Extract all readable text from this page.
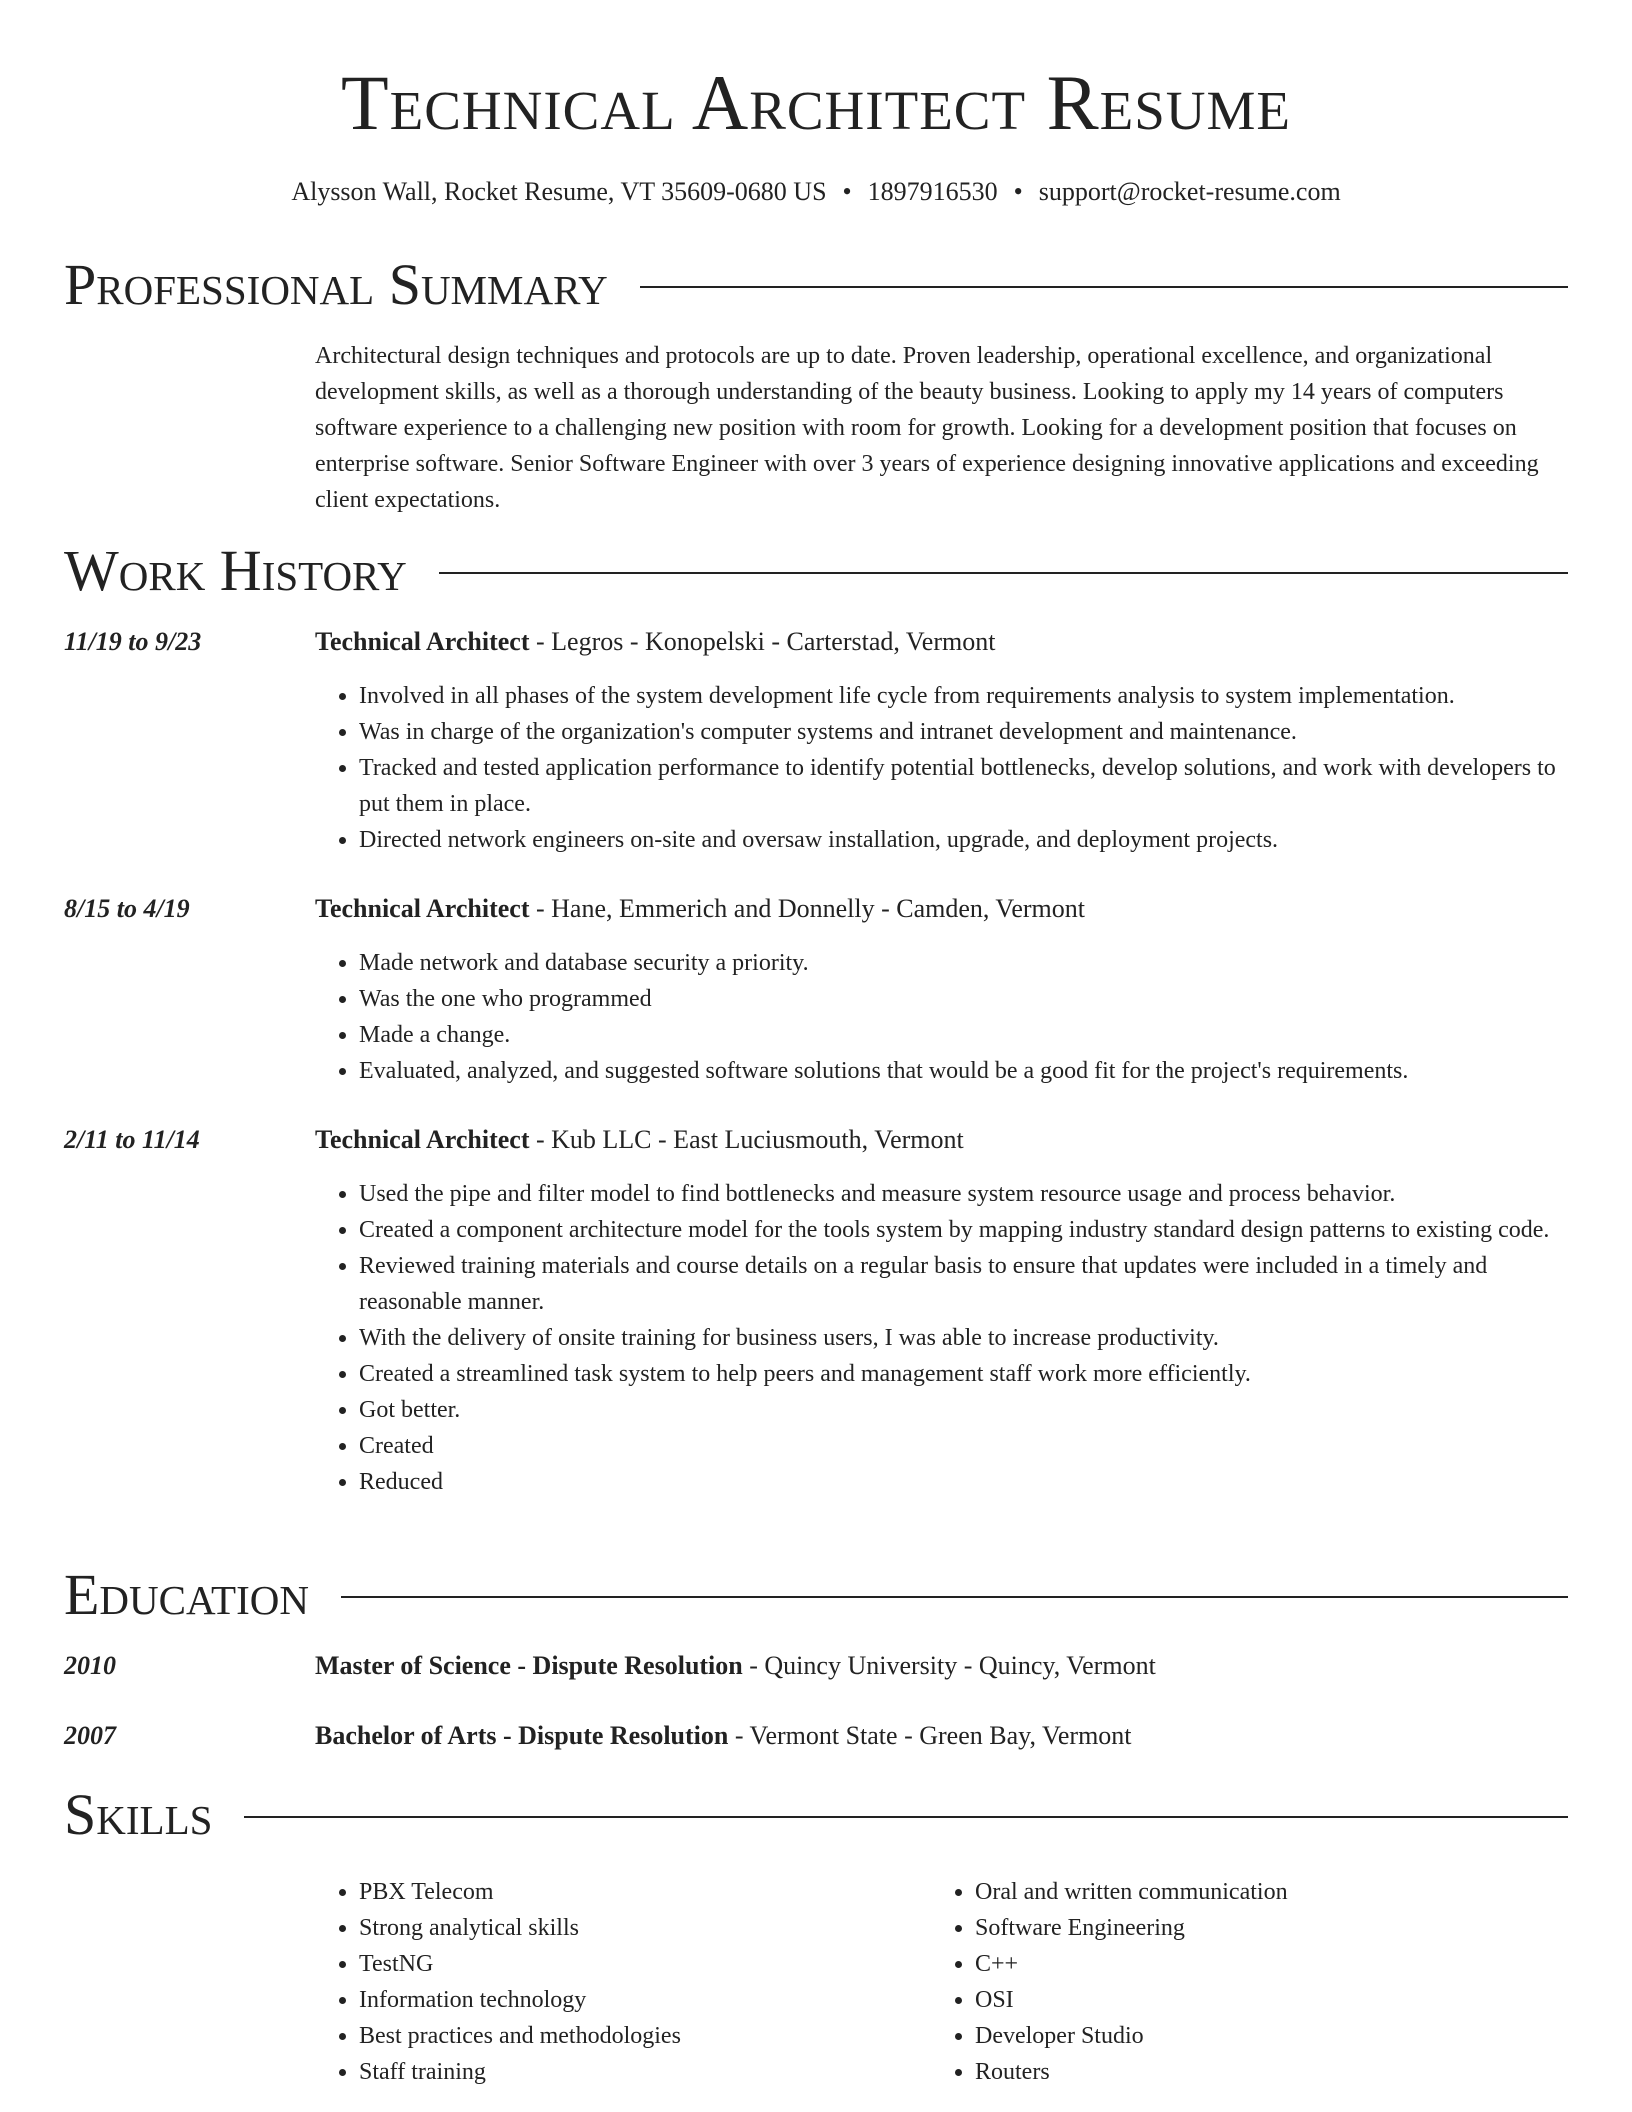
Technical Architect Resume
Alysson Wall, Rocket Resume, VT 35609-0680 US • 1897916530 • support@rocket-resume.com
Professional Summary

Architectural design techniques and protocols are up to date. Proven leadership, operational excellence, and organizational development skills, as well as a thorough understanding of the beauty business. Looking to apply my 14 years of computers software experience to a challenging new position with room for growth. Looking for a development position that focuses on enterprise software. Senior Software Engineer with over 3 years of experience designing innovative applications and exceeding client expectations.

Work History
11/19 to 9/23	Technical Architect - Legros - Konopelski - Carterstad, Vermont
• Involved in all phases of the system development life cycle from requirements analysis to system implementation.
• Was in charge of the organization's computer systems and intranet development and maintenance.
• Tracked and tested application performance to identify potential bottlenecks, develop solutions, and work with developers to put them in place.
• Directed network engineers on-site and oversaw installation, upgrade, and deployment projects.
8/15 to 4/19	Technical Architect - Hane, Emmerich and Donnelly - Camden, Vermont
• Made network and database security a priority.
• Was the one who programmed
• Made a change.
• Evaluated, analyzed, and suggested software solutions that would be a good fit for the project's requirements.
2/11 to 11/14	Technical Architect - Kub LLC - East Luciusmouth, Vermont
• Used the pipe and filter model to find bottlenecks and measure system resource usage and process behavior.
• Created a component architecture model for the tools system by mapping industry standard design patterns to existing code.
• Reviewed training materials and course details on a regular basis to ensure that updates were included in a timely and reasonable manner.
• With the delivery of onsite training for business users, I was able to increase productivity.
• Created a streamlined task system to help peers and management staff work more efficiently.
• Got better.
• Created
• Reduced
Education
2010	Master of Science - Dispute Resolution - Quincy University - Quincy, Vermont
2007	Bachelor of Arts - Dispute Resolution - Vermont State - Green Bay, Vermont
Skills
• PBX Telecom
• Strong analytical skills
• TestNG
• Information technology
• Best practices and methodologies
• Staff training
• Oral and written communication
• Software Engineering
• C++
• OSI
• Developer Studio
• Routers
